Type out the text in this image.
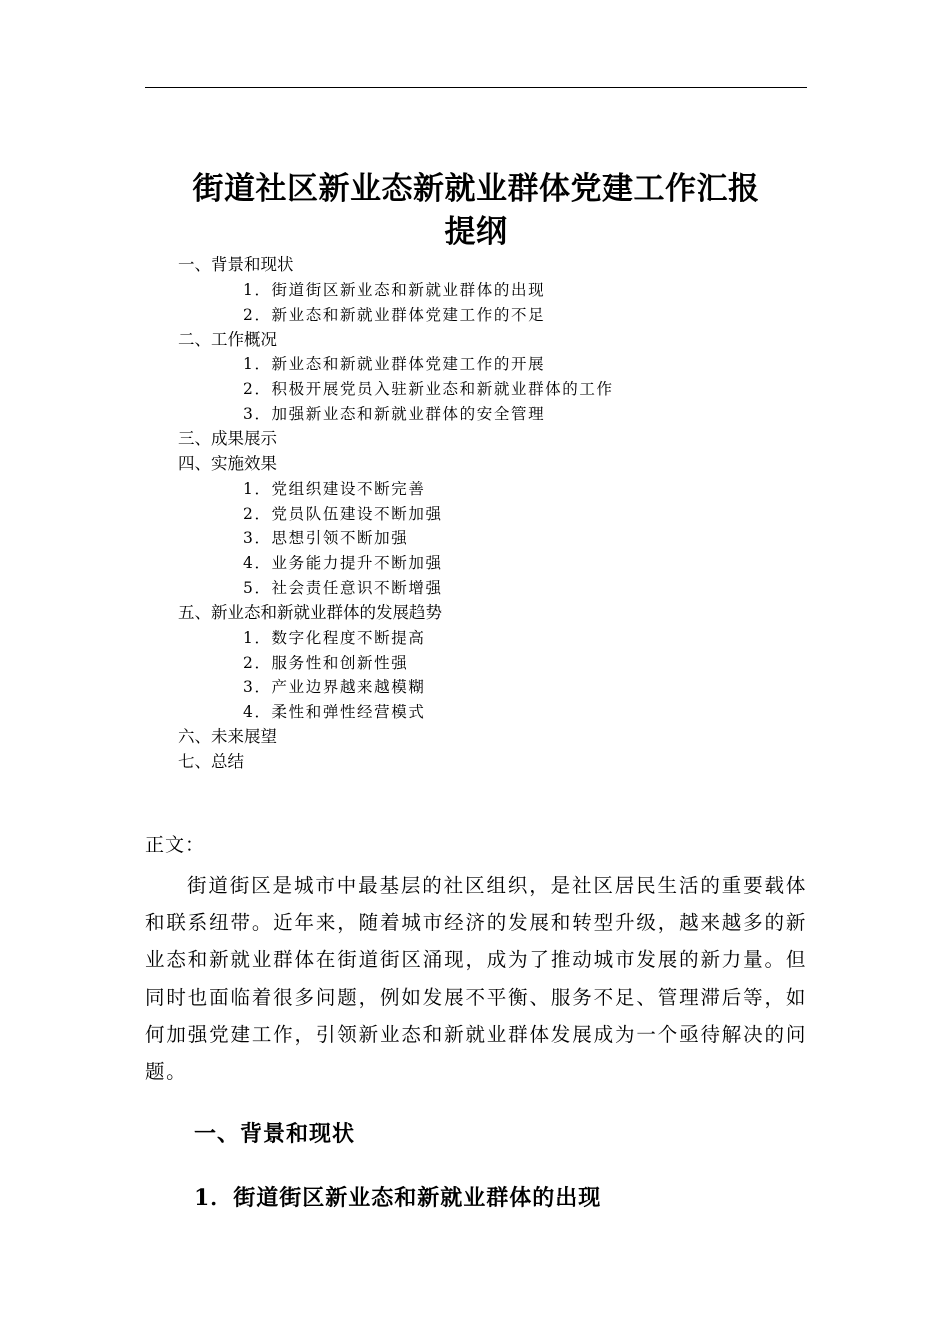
街道社区新业态新就业群体党建工作汇报
提纲
一、背景和现状
1．街道街区新业态和新就业群体的出现
2．新业态和新就业群体党建工作的不足
二、工作概况
1．新业态和新就业群体党建工作的开展
2．积极开展党员入驻新业态和新就业群体的工作
3．加强新业态和新就业群体的安全管理
三、成果展示
四、实施效果
1．党组织建设不断完善
2．党员队伍建设不断加强
3．思想引领不断加强
4．业务能力提升不断加强
5．社会责任意识不断增强
五、新业态和新就业群体的发展趋势
1．数字化程度不断提高
2．服务性和创新性强
3．产业边界越来越模糊
4．柔性和弹性经营模式
六、未来展望
七、总结
正文：

街道街区是城市中最基层的社区组织，是社区居民生活的重要载体和联系纽带。近年来，随着城市经济的发展和转型升级，越来越多的新业态和新就业群体在街道街区涌现，成为了推动城市发展的新力量。但同时也面临着很多问题，例如发展不平衡、服务不足、管理滞后等，如何加强党建工作，引领新业态和新就业群体发展成为一个亟待解决的问题。

一、背景和现状
1．街道街区新业态和新就业群体的出现
